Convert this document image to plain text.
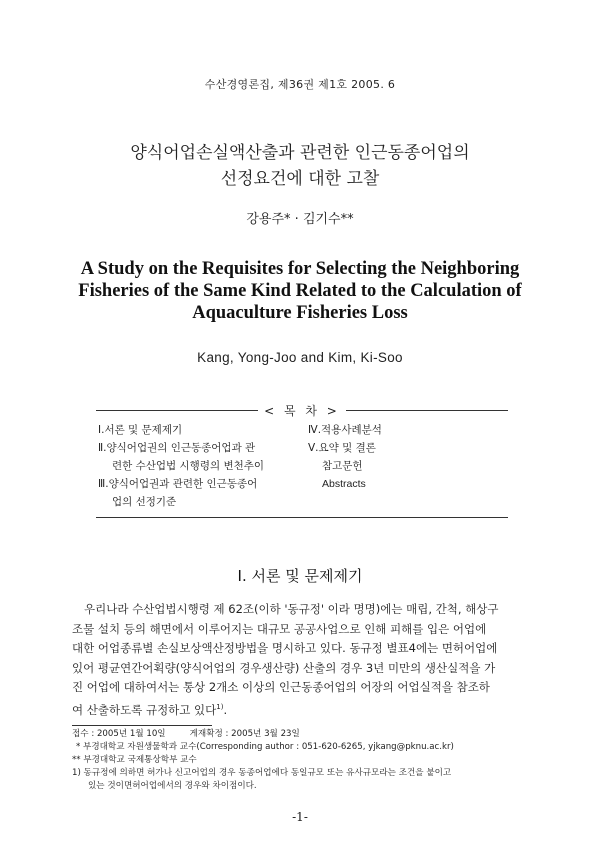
수산경영론집, 제36권 제1호 2005. 6
양식어업손실액산출과 관련한 인근동종어업의
선정요건에 대한 고찰
강용주* · 김기수**
A Study on the Requisites for Selecting the Neighboring
Fisheries of the Same Kind Related to the Calculation of
Aquaculture Fisheries Loss
Kang, Yong-Joo and Kim, Ki-Soo
< 목 차 >
Ⅰ.서론 및 문제제기
Ⅱ.양식어업권의 인근동종어업과 관
련한 수산업법 시행령의 변천추이
Ⅲ.양식어업권과 관련한 인근동종어
업의 선정기준
Ⅳ.적용사례분석
Ⅴ.요약 및 결론
참고문헌
Abstracts
Ⅰ. 서론 및 문제제기
우리나라 수산업법시행령 제 62조(이하 '동규정' 이라 명명)에는 매립, 간척, 해상구
조물 설치 등의 해면에서 이루어지는 대규모 공공사업으로 인해 피해를 입은 어업에
대한 어업종류별 손실보상액산정방법을 명시하고 있다. 동규정 별표4에는 면허어업에
있어 평균연간어획량(양식어업의 경우생산량) 산출의 경우 3년 미만의 생산실적을 가
진 어업에 대하여서는 통상 2개소 이상의 인근동종어업의 어장의 어업실적을 참조하
여 산출하도록 규정하고 있다$^{1)}$.
접수 : 2005년 1월 10일	게재확정 : 2005년 3월 23일
* 부경대학교 자원생물학과 교수(Corresponding author : 051-620-6265, yjkang@pknu.ac.kr)
** 부경대학교 국제통상학부 교수
1) 동규정에 의하면 허가나 신고어업의 경우 동종어업에다 동일규모 또는 유사규모라는 조건을 붙이고
있는 것이면허어업에서의 경우와 차이점이다.
-1-
